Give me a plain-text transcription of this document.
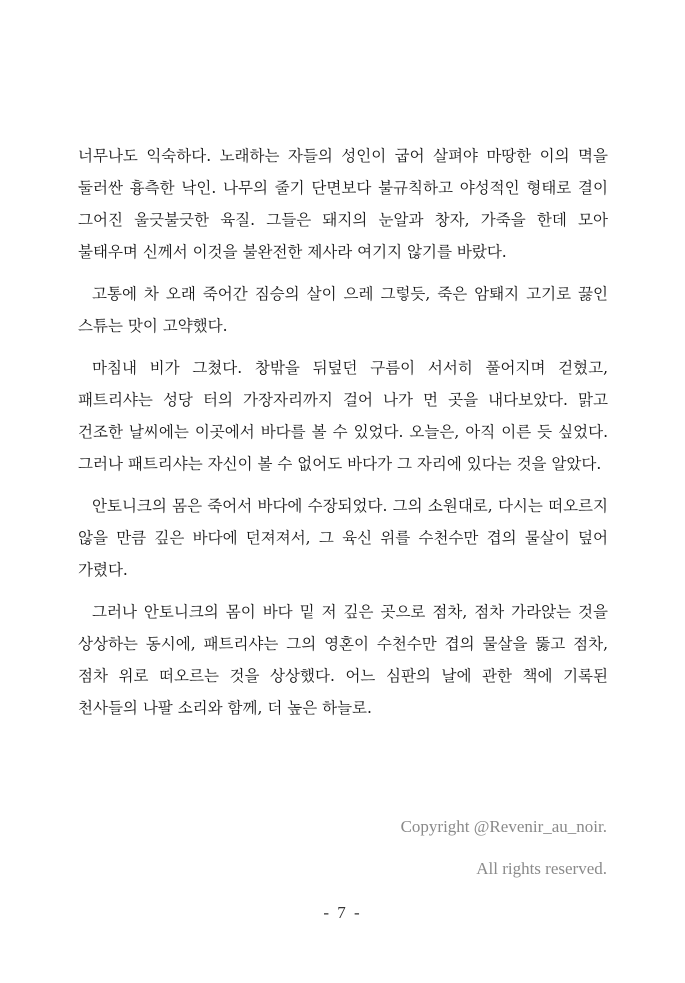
너무나도 익숙하다. 노래하는 자들의 성인이 굽어 살펴야 마땅한 이의 멱을 둘러싼 흉측한 낙인. 나무의 줄기 단면보다 불규칙하고 야성적인 형태로 결이 그어진 울긋불긋한 육질. 그들은 돼지의 눈알과 창자, 가죽을 한데 모아 불태우며 신께서 이것을 불완전한 제사라 여기지 않기를 바랐다.

고통에 차 오래 죽어간 짐승의 살이 으레 그렇듯, 죽은 암퇘지 고기로 끓인 스튜는 맛이 고약했다.

마침내 비가 그쳤다. 창밖을 뒤덮던 구름이 서서히 풀어지며 걷혔고, 패트리샤는 성당 터의 가장자리까지 걸어 나가 먼 곳을 내다보았다. 맑고 건조한 날씨에는 이곳에서 바다를 볼 수 있었다. 오늘은, 아직 이른 듯 싶었다. 그러나 패트리샤는 자신이 볼 수 없어도 바다가 그 자리에 있다는 것을 알았다.

안토니크의 몸은 죽어서 바다에 수장되었다. 그의 소원대로, 다시는 떠오르지 않을 만큼 깊은 바다에 던져져서, 그 육신 위를 수천수만 겹의 물살이 덮어 가렸다.

그러나 안토니크의 몸이 바다 밑 저 깊은 곳으로 점차, 점차 가라앉는 것을 상상하는 동시에, 패트리샤는 그의 영혼이 수천수만 겹의 물살을 뚫고 점차, 점차 위로 떠오르는 것을 상상했다. 어느 심판의 날에 관한 책에 기록된 천사들의 나팔 소리와 함께, 더 높은 하늘로.

Copyright @Revenir_au_noir.
All rights reserved.
- 7 -
